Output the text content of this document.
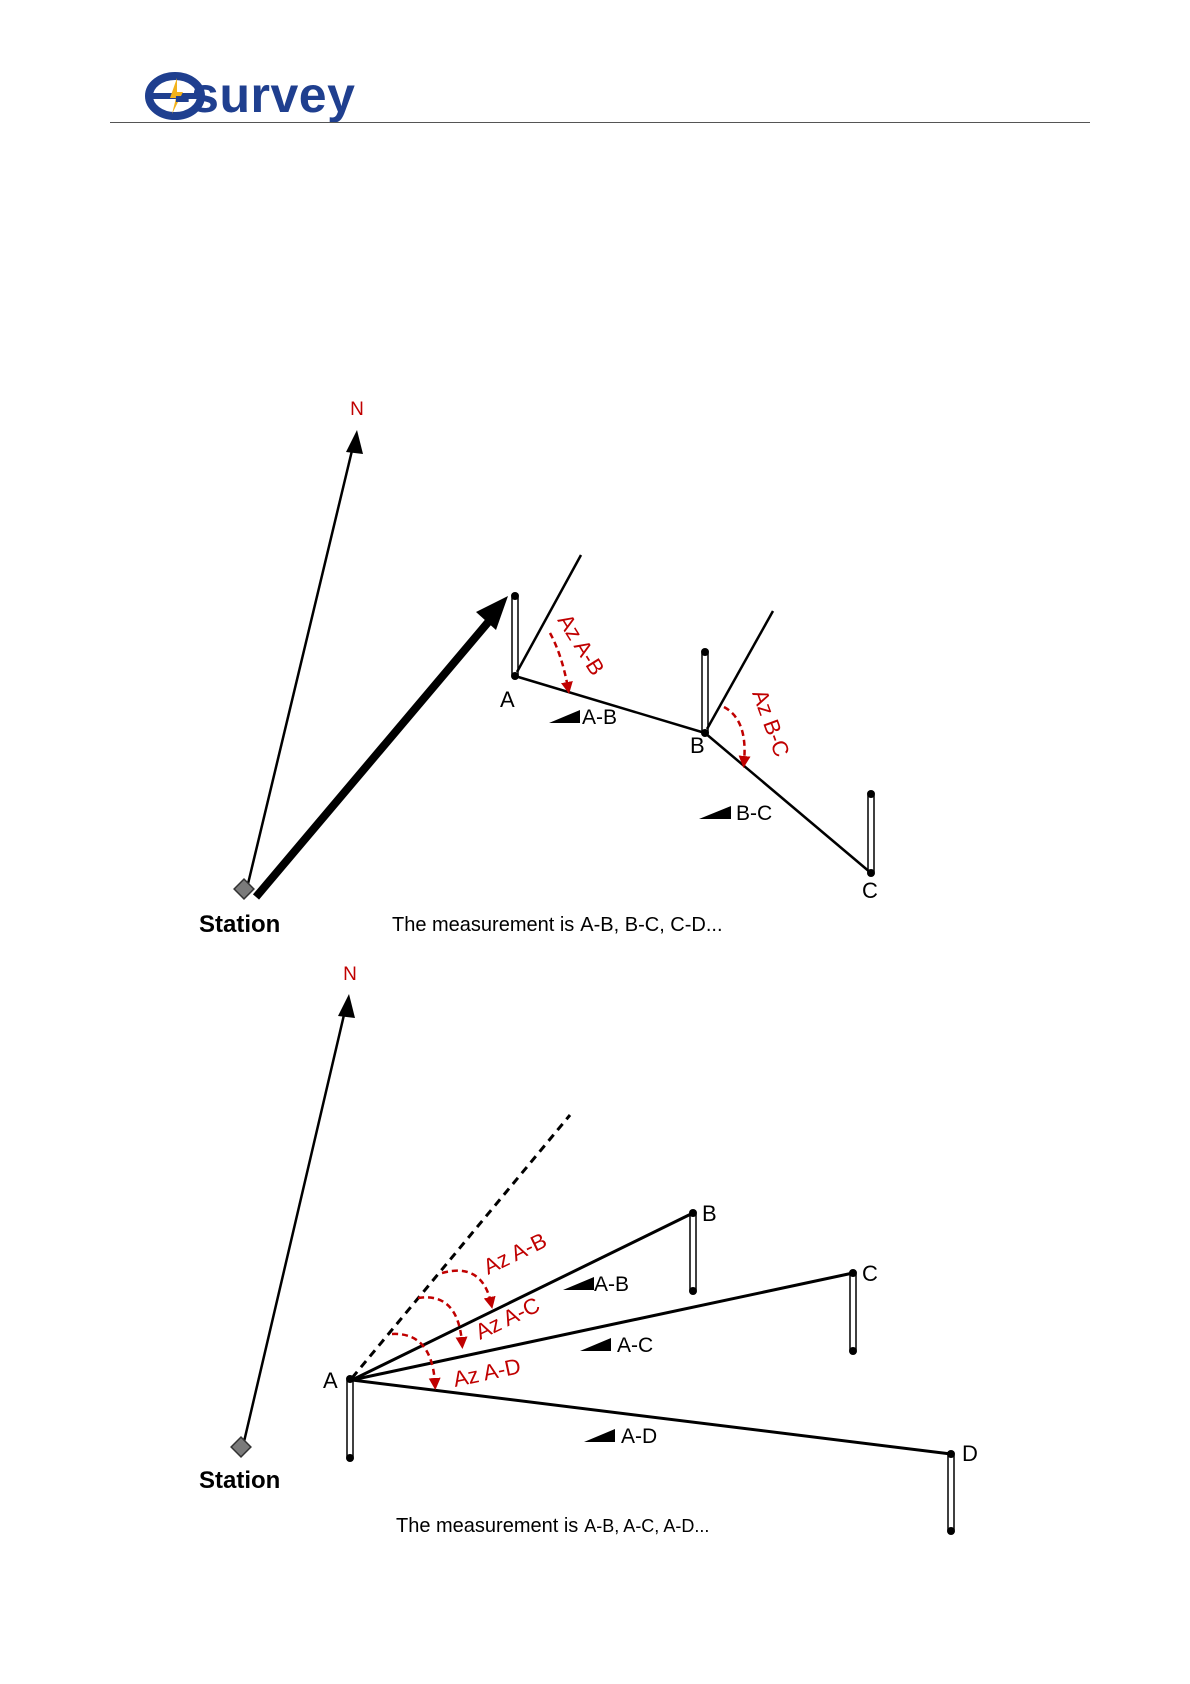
-survey
N
Station
Az A-B
Az B-C
A
B
C
A-B
B-C
The measurement is A-B, B-C, C-D...
N
Station
Az A-B
Az A-C
Az A-D
A
B
C
D
A-B
A-C
A-D
The measurement is A-B, A-C, A-D...
